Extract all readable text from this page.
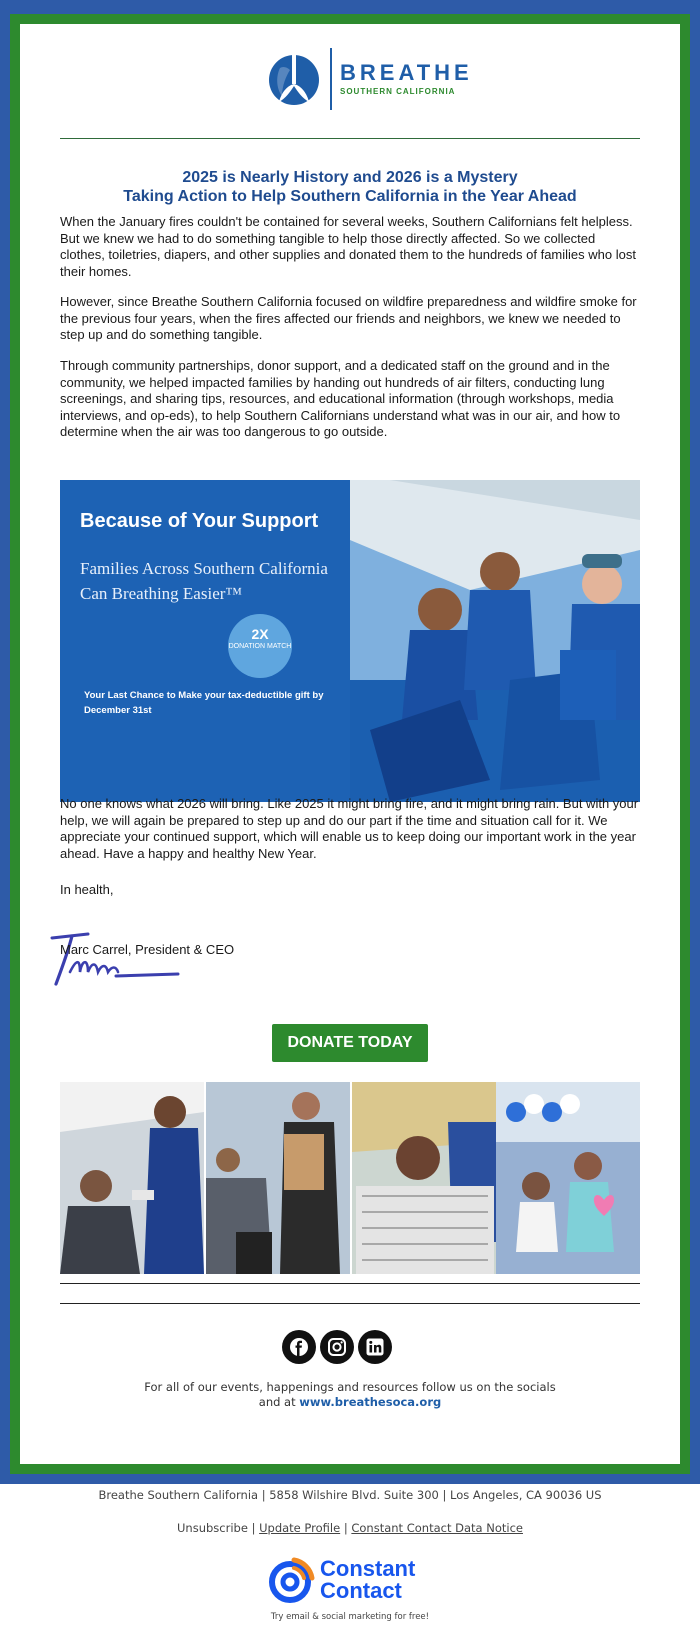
BREATHE
SOUTHERN CALIFORNIA
2025 is Nearly History and 2026 is a Mystery
Taking Action to Help Southern California in the Year Ahead
When the January fires couldn't be contained for several weeks, Southern Californians felt helpless. But we knew we had to do something tangible to help those directly affected. So we collected clothes, toiletries, diapers, and other supplies and donated them to the hundreds of families who lost their homes.
However, since Breathe Southern California focused on wildfire preparedness and wildfire smoke for the previous four years, when the fires affected our friends and neighbors, we knew we needed to step up and do something tangible.
Through community partnerships, donor support, and a dedicated staff on the ground and in the community, we helped impacted families by handing out hundreds of air filters, conducting lung screenings, and sharing tips, resources, and educational information (through workshops, media interviews, and op-eds), to help Southern Californians understand what was in our air, and how to determine when the air was too dangerous to go outside.
Because of Your Support
Families Across Southern California Can Breathing Easier™
2X
DONATION MATCH
Your Last Chance to Make your tax-deductible gift by December 31st
No one knows what 2026 will bring. Like 2025 it might bring fire, and it might bring rain. But with your help, we will again be prepared to step up and do our part if the time and situation call for it. We appreciate your continued support, which will enable us to keep doing our important work in the year ahead. Have a happy and healthy New Year.
In health,
Marc Carrel, President & CEO
DONATE TODAY
For all of our events, happenings and resources follow us on the socials
and at www.breathesoca.org
Breathe Southern California | 5858 Wilshire Blvd. Suite 300 | Los Angeles, CA 90036 US
Unsubscribe | Update Profile | Constant Contact Data Notice
Constant
Contact
Try email & social marketing for free!
